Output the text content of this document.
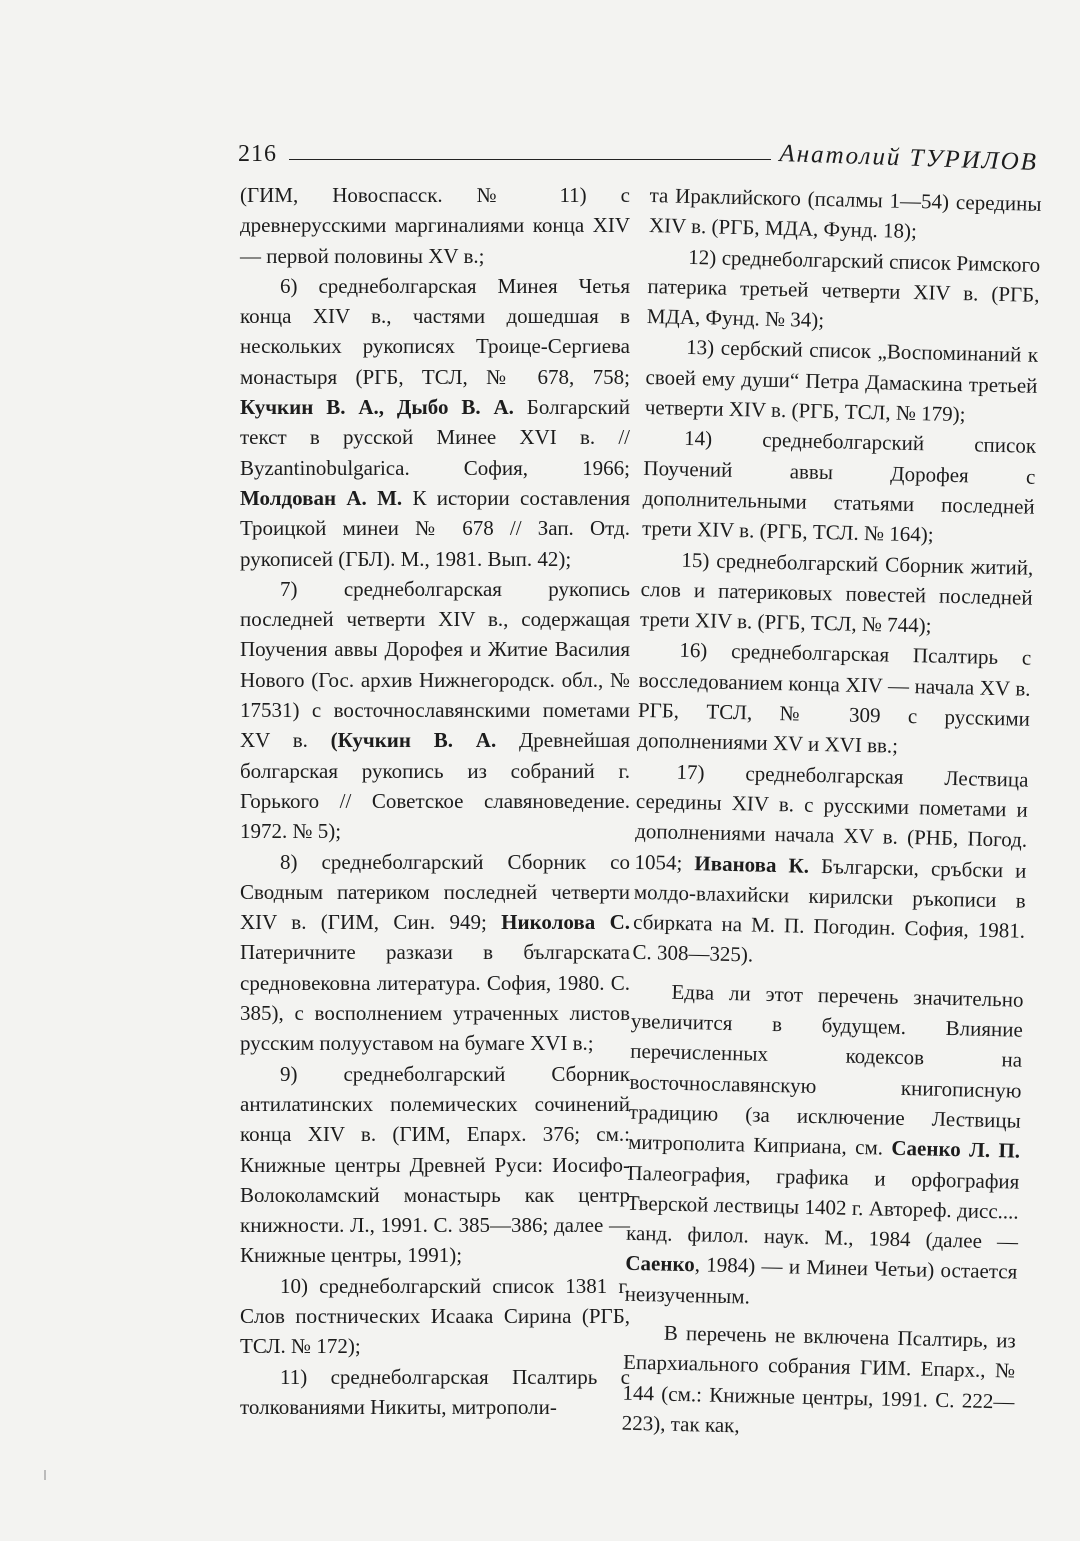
216	Анатолий ТУРИЛОВ

(ГИМ, Новоспасск. № 11) с древнерусскими маргиналиями конца XIV — первой половины XV в.;

6) среднеболгарская Минея Четья конца XIV в., частями дошедшая в нескольких рукописях Троице-Сергиева монастыря (РГБ, ТСЛ, № 678, 758; Кучкин В. А., Дыбо В. А. Болгарский текст в русской Минее XVI в. // Byzantinobulgarica. София, 1966; Молдован А. М. К истории составления Троицкой минеи № 678 // Зап. Отд. рукописей (ГБЛ). М., 1981. Вып. 42);

7) среднеболгарская рукопись последней четверти XIV в., содержащая Поучения аввы Дорофея и Житие Василия Нового (Гос. архив Нижнегородск. обл., № 17531) с восточнославянскими пометами XV в. (Кучкин В. А. Древнейшая болгарская рукопись из собраний г. Горького // Советское славяноведение. 1972. № 5);

8) среднеболгарский Сборник со Сводным патериком последней четверти XIV в. (ГИМ, Син. 949; Николова С. Патеричните разкази в българската средновековна литература. София, 1980. С. 385), с восполнением утраченных листов русским полууставом на бумаге XVI в.;

9) среднеболгарский Сборник антилатинских полемических сочинений конца XIV в. (ГИМ, Епарх. 376; см.: Книжные центры Древней Руси: Иосифо- Волоколамский монастырь как центр книжности. Л., 1991. С. 385—386; далее — Книжные центры, 1991);

10) среднеболгарский список 1381 г. Слов постнических Исаака Сирина (РГБ, ТСЛ. № 172);

11) среднеболгарская Псалтирь с толкованиями Никиты, митрополи-

та Ираклийского (псалмы 1—54) середины XIV в. (РГБ, МДА, Фунд. 18);

12) среднеболгарский список Римского патерика третьей четверти XIV в. (РГБ, МДА, Фунд. № 34);

13) сербский список „Воспоминаний к своей ему души“ Петра Дамаскина третьей четверти XIV в. (РГБ, ТСЛ, № 179);

14) среднеболгарский список Поучений аввы Дорофея с дополнительными статьями последней трети XIV в. (РГБ, ТСЛ. № 164);

15) среднеболгарский Сборник житий, слов и патериковых повестей последней трети XIV в. (РГБ, ТСЛ, № 744);

16) среднеболгарская Псалтирь с восследованием конца XIV — начала XV в. РГБ, ТСЛ, № 309 с русскими дополнениями XV и XVI вв.;

17) среднеболгарская Лествица середины XIV в. с русскими пометами и дополнениями начала XV в. (РНБ, Погод. 1054; Иванова К. Български, сръбски и молдо-влахийски кирилски ръкописи в сбирката на М. П. Погодин. София, 1981. С. 308—325).

Едва ли этот перечень значительно увеличится в будущем. Влияние перечисленных кодексов на восточнославянскую книгописную традицию (за исключение Лествицы митрополита Киприана, см. Саенко Л. П. Палеография, графика и орфография Тверской лествицы 1402 г. Автореф. дисс.... канд. филол. наук. М., 1984 (далее — Саенко, 1984) — и Минеи Четьи) остается неизученным.

В перечень не включена Псалтирь, из Епархиального собрания ГИМ. Епарх., № 144 (см.: Книжные центры, 1991. С. 222—223), так как,
